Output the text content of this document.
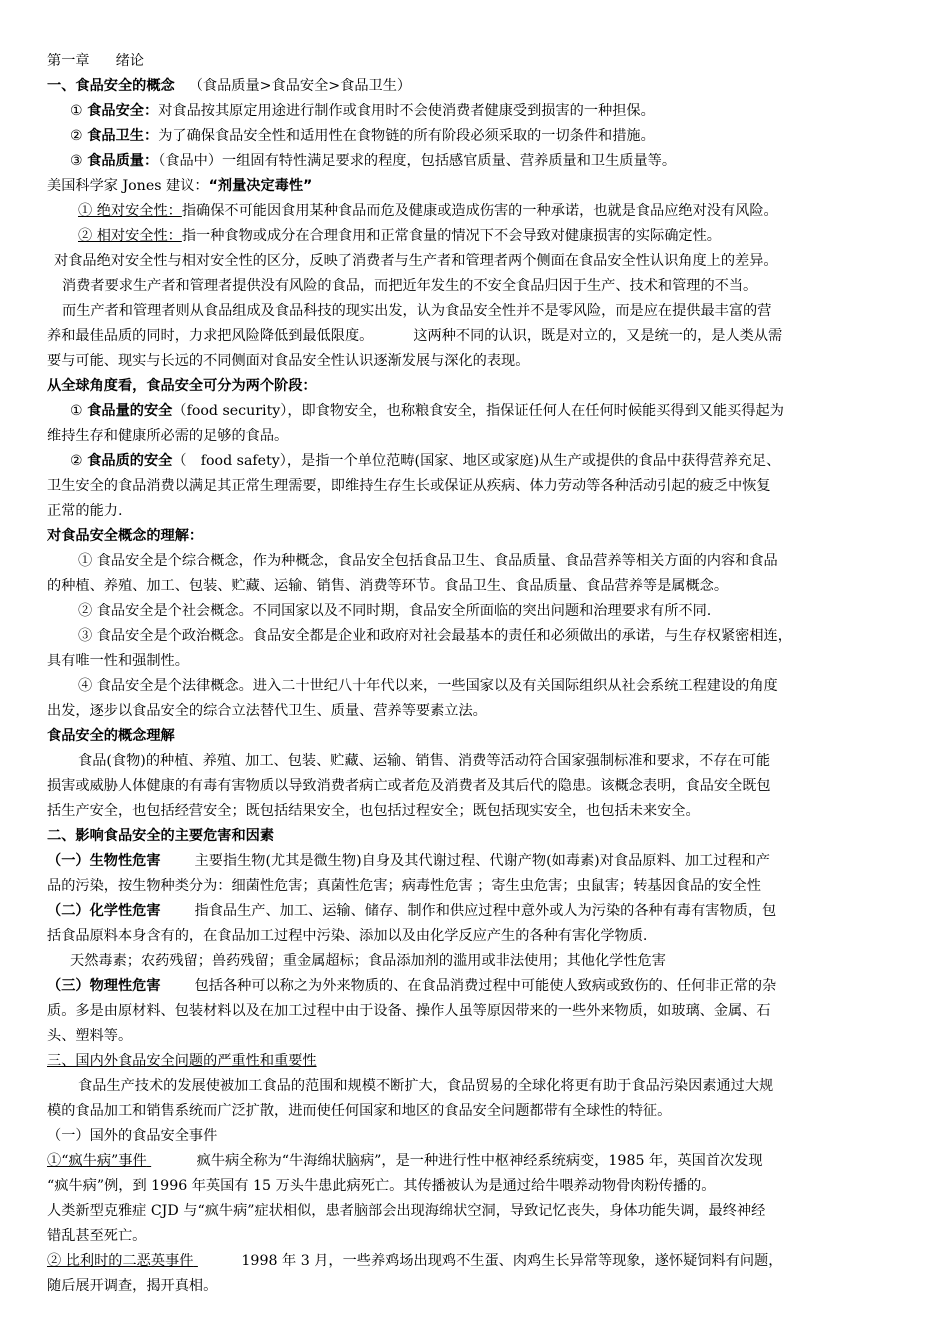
第一章 绪论
一、食品安全的概念 （食品质量>食品安全>食品卫生）
① 食品安全：对食品按其原定用途进行制作或食用时不会使消费者健康受到损害的一种担保。
② 食品卫生：为了确保食品安全性和适用性在食物链的所有阶段必须采取的一切条件和措施。
③ 食品质量：（食品中）一组固有特性满足要求的程度，包括感官质量、营养质量和卫生质量等。
美国科学家 Jones 建议：“剂量决定毒性”
① 绝对安全性：指确保不可能因食用某种食品而危及健康或造成伤害的一种承诺，也就是食品应绝对没有风险。
② 相对安全性：指一种食物或成分在合理食用和正常食量的情况下不会导致对健康损害的实际确定性。
对食品绝对安全性与相对安全性的区分，反映了消费者与生产者和管理者两个侧面在食品安全性认识角度上的差异。
消费者要求生产者和管理者提供没有风险的食品，而把近年发生的不安全食品归因于生产、技术和管理的不当。
而生产者和管理者则从食品组成及食品科技的现实出发，认为食品安全性并不是零风险，而是应在提供最丰富的营
养和最佳品质的同时，力求把风险降低到最低限度。	这两种不同的认识，既是对立的，又是统一的，是人类从需
要与可能、现实与长远的不同侧面对食品安全性认识逐渐发展与深化的表现。
从全球角度看，食品安全可分为两个阶段：
① 食品量的安全（food security），即食物安全，也称粮食安全，指保证任何人在任何时候能买得到又能买得起为
维持生存和健康所必需的足够的食品。
② 食品质的安全（　food safety），是指一个单位范畴(国家、地区或家庭)从生产或提供的食品中获得营养充足、
卫生安全的食品消费以满足其正常生理需要，即维持生存生长或保证从疾病、体力劳动等各种活动引起的疲乏中恢复
正常的能力.
对食品安全概念的理解：
① 食品安全是个综合概念，作为种概念，食品安全包括食品卫生、食品质量、食品营养等相关方面的内容和食品
的种植、养殖、加工、包装、贮藏、运输、销售、消费等环节。食品卫生、食品质量、食品营养等是属概念。
② 食品安全是个社会概念。不同国家以及不同时期，食品安全所面临的突出问题和治理要求有所不同.
③ 食品安全是个政治概念。食品安全都是企业和政府对社会最基本的责任和必须做出的承诺，与生存权紧密相连，
具有唯一性和强制性。
④ 食品安全是个法律概念。进入二十世纪八十年代以来，一些国家以及有关国际组织从社会系统工程建设的角度
出发，逐步以食品安全的综合立法替代卫生、质量、营养等要素立法。
食品安全的概念理解
食品(食物)的种植、养殖、加工、包装、贮藏、运输、销售、消费等活动符合国家强制标准和要求，不存在可能
损害或威胁人体健康的有毒有害物质以导致消费者病亡或者危及消费者及其后代的隐患。该概念表明，食品安全既包
括生产安全，也包括经营安全；既包括结果安全，也包括过程安全；既包括现实安全，也包括未来安全。
二、影响食品安全的主要危害和因素
（一）生物性危害 主要指生物(尤其是微生物)自身及其代谢过程、代谢产物(如毒素)对食品原料、加工过程和产
品的污染，按生物种类分为：细菌性危害；真菌性危害；病毒性危害 ；寄生虫危害；虫鼠害；转基因食品的安全性
（二）化学性危害 指食品生产、加工、运输、储存、制作和供应过程中意外或人为污染的各种有毒有害物质，包
括食品原料本身含有的，在食品加工过程中污染、添加以及由化学反应产生的各种有害化学物质.
天然毒素；农药残留；兽药残留；重金属超标；食品添加剂的滥用或非法使用；其他化学性危害
（三）物理性危害 包括各种可以称之为外来物质的、在食品消费过程中可能使人致病或致伤的、任何非正常的杂
质。多是由原材料、包装材料以及在加工过程中由于设备、操作人虽等原因带来的一些外来物质，如玻璃、金属、石
头、塑料等。
三、国内外食品安全问题的严重性和重要性
食品生产技术的发展使被加工食品的范围和规模不断扩大，食品贸易的全球化将更有助于食品污染因素通过大规
模的食品加工和销售系统而广泛扩散，进而使任何国家和地区的食品安全问题都带有全球性的特征。
（一）国外的食品安全事件
①“疯牛病”事件	疯牛病全称为“牛海绵状脑病”，是一种进行性中枢神经系统病变，1985 年，英国首次发现
“疯牛病”例，到 1996 年英国有 15 万头牛患此病死亡。其传播被认为是通过给牛喂养动物骨肉粉传播的。
人类新型克雅症 CJD 与“疯牛病”症状相似，患者脑部会出现海绵状空洞，导致记忆丧失，身体功能失调，最终神经
错乱甚至死亡。
② 比利时的二恶英事件	1998 年 3 月，一些养鸡场出现鸡不生蛋、肉鸡生长异常等现象，遂怀疑饲料有问题，
随后展开调查，揭开真相。
